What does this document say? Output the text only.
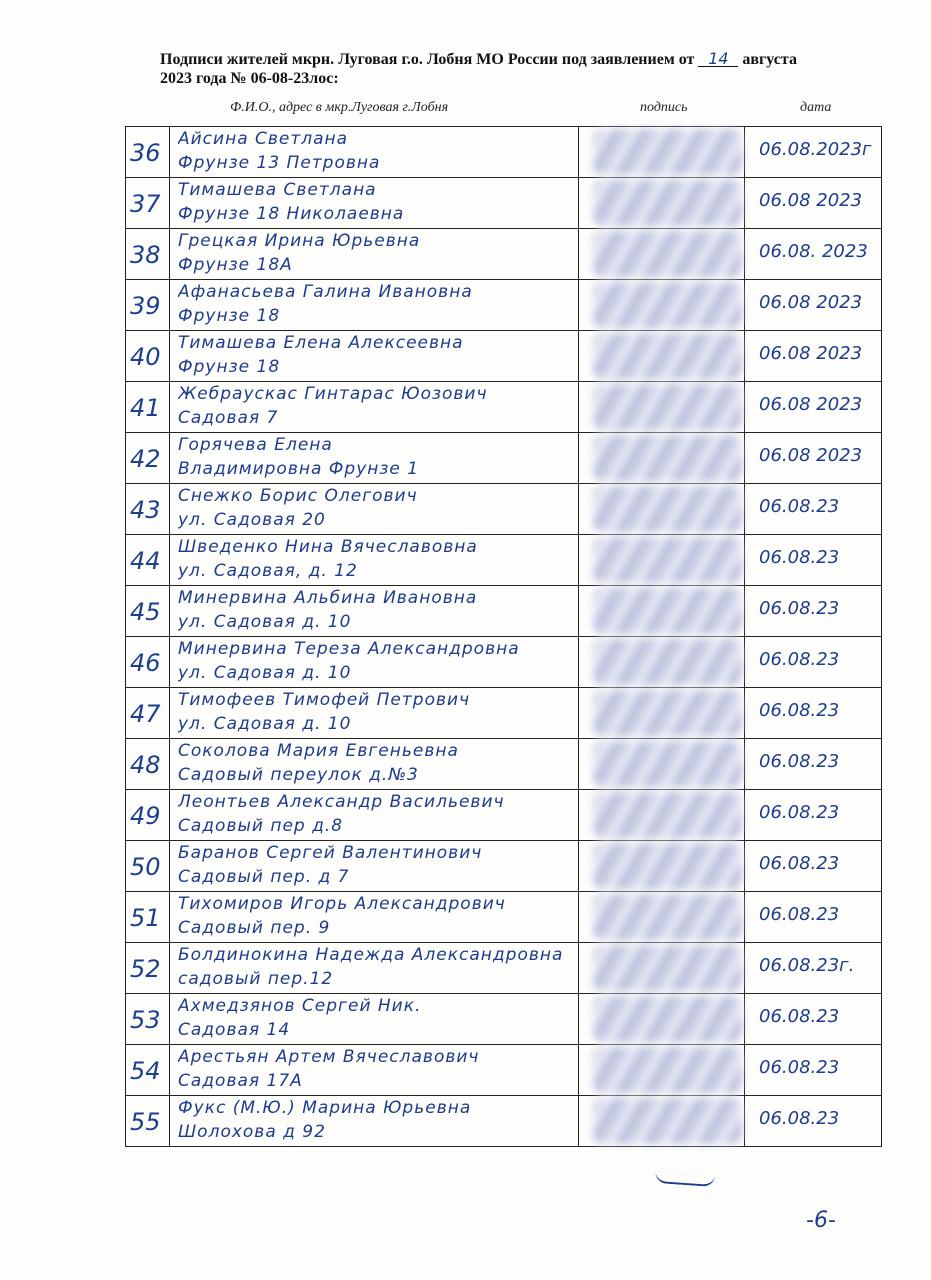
Подписи жителей мкрн. Луговая г.о. Лобня МО России под заявлением от 14 августа
2023 года № 06-08-23лос:
Ф.И.О., адрес в мкр.Луговая г.Лобня	подпись	дата
36	Айсина Светлана
Фрунзе 13 Петровна		06.08.2023г

37	Тимашева Светлана
Фрунзе 18 Николаевна		06.08 2023

38	Грецкая Ирина Юрьевна
Фрунзе 18А		06.08. 2023

39	Афанасьева Галина Ивановна
Фрунзе 18		06.08 2023

40	Тимашева Елена Алексеевна
Фрунзе 18		06.08 2023

41	Жебраускас Гинтарас Юозович
Садовая 7		06.08 2023

42	Горячева Елена
Владимировна Фрунзе 1		06.08 2023

43	Снежко Борис Олегович
ул. Садовая 20		06.08.23

44	Шведенко Нина Вячеславовна
ул. Садовая, д. 12		06.08.23

45	Минервина Альбина Ивановна
ул. Садовая д. 10		06.08.23

46	Минервина Тереза Александровна
ул. Садовая д. 10		06.08.23

47	Тимофеев Тимофей Петрович
ул. Садовая д. 10		06.08.23

48	Соколова Мария Евгеньевна
Садовый переулок д.№3		06.08.23

49	Леонтьев Александр Васильевич
Садовый пер д.8		06.08.23

50	Баранов Сергей Валентинович
Садовый пер. д 7		06.08.23

51	Тихомиров Игорь Александрович
Садовый пер. 9		06.08.23

52	Болдинокина Надежда Александровна
садовый пер.12		06.08.23г.

53	Ахмедзянов Сергей Ник.
Садовая 14		06.08.23

54	Арестьян Артем Вячеславович
Садовая 17А		06.08.23

55	Фукс (М.Ю.) Марина Юрьевна
Шолохова д 92		06.08.23
-6-
